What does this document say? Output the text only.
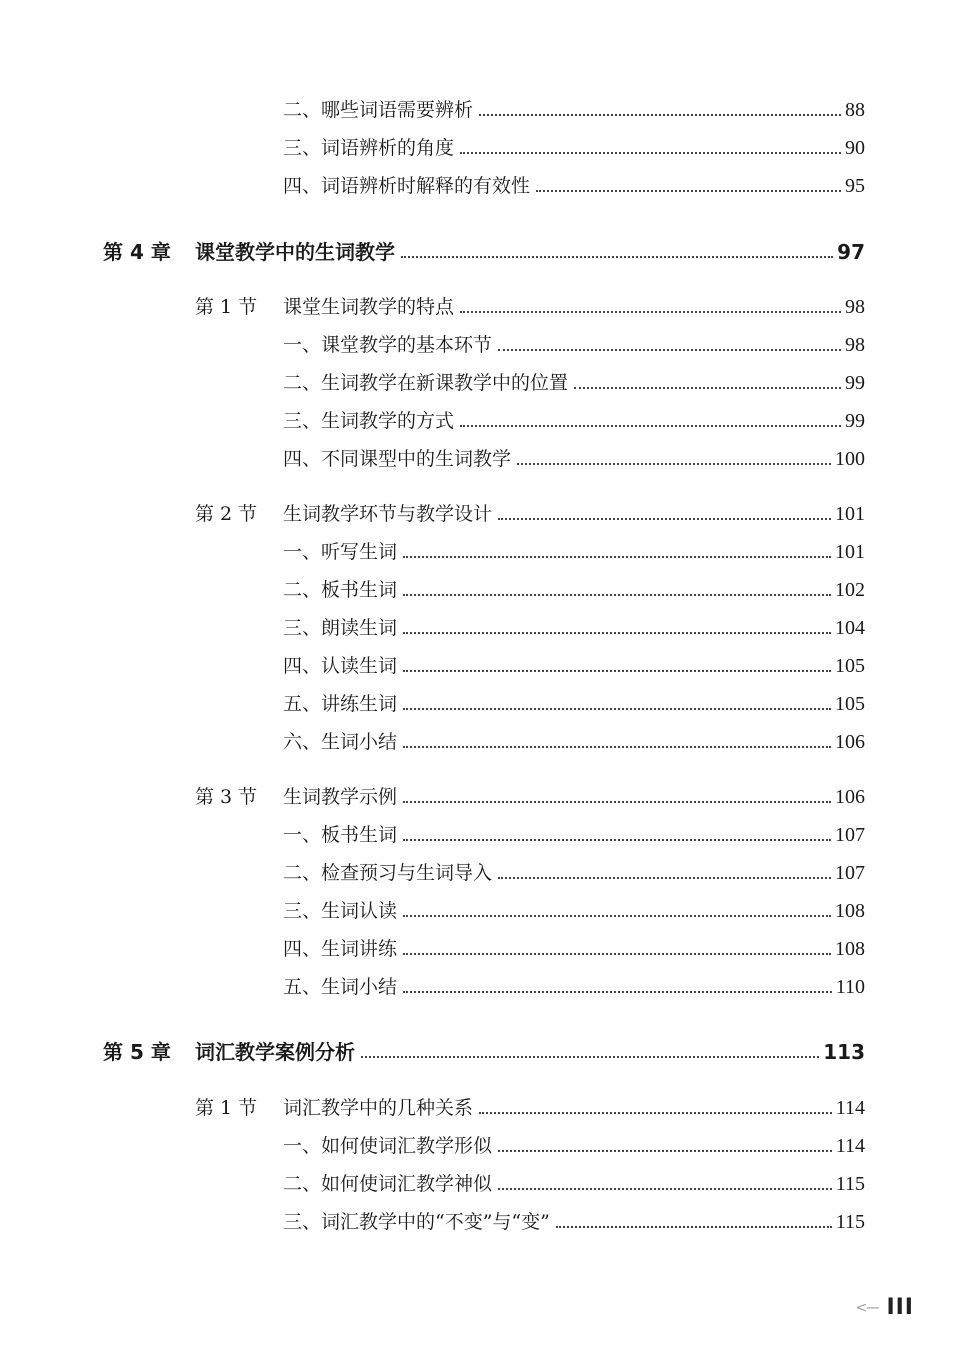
二、哪些词语需要辨析	88
三、词语辨析的角度	90
四、词语辨析时解释的有效性	95
第 4 章 课堂教学中的生词教学	97
第 1 节 课堂生词教学的特点	98
一、课堂教学的基本环节	98
二、生词教学在新课教学中的位置	99
三、生词教学的方式	99
四、不同课型中的生词教学	100
第 2 节 生词教学环节与教学设计	101
一、听写生词	101
二、板书生词	102
三、朗读生词	104
四、认读生词	105
五、讲练生词	105
六、生词小结	106
第 3 节 生词教学示例	106
一、板书生词	107
二、检查预习与生词导入	107
三、生词认读	108
四、生词讲练	108
五、生词小结	110
第 5 章 词汇教学案例分析	113
第 1 节 词汇教学中的几种关系	114
一、如何使词汇教学形似	114
二、如何使词汇教学神似	115
三、词汇教学中的“不变”与“变”	115
<--- III
